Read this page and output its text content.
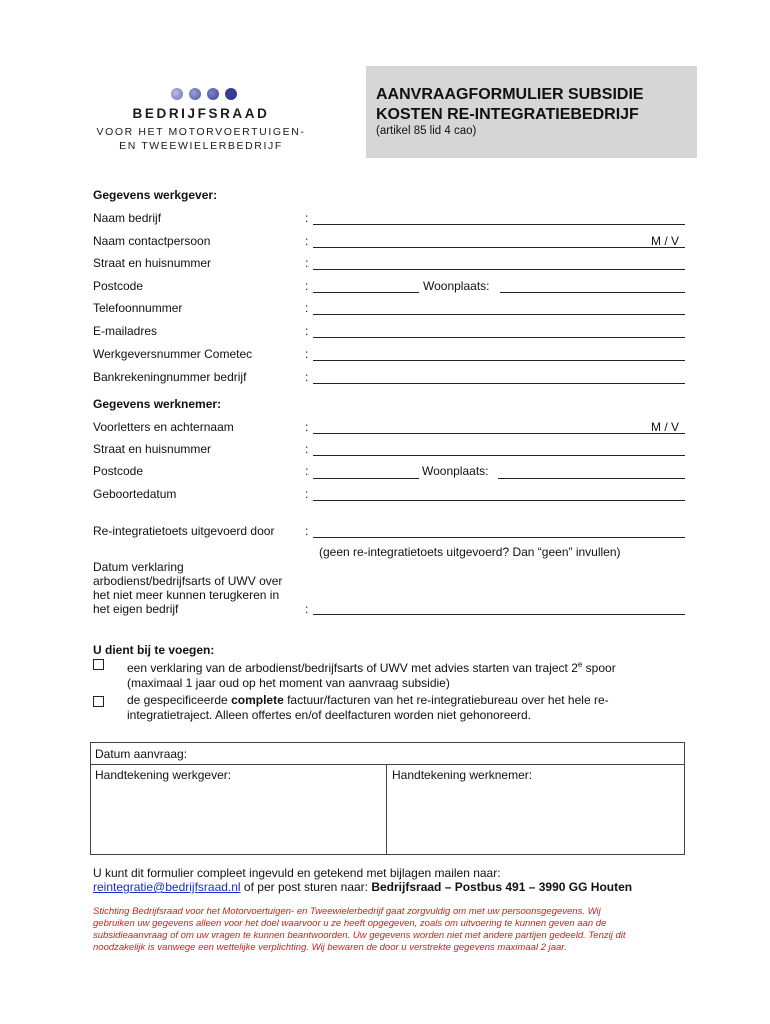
BEDRIJFSRAAD
VOOR HET MOTORVOERTUIGEN-
EN TWEEWIELERBEDRIJF
AANVRAAGFORMULIER SUBSIDIE
KOSTEN RE-INTEGRATIEBEDRIJF
(artikel 85 lid 4 cao)
Gegevens werkgever:
Naam bedrijf	:
Naam contactpersoon	:	M / V
Straat en huisnummer	:
Postcode	:	Woonplaats:
Telefoonnummer	:
E-mailadres	:
Werkgeversnummer Cometec	:
Bankrekeningnummer bedrijf	:
Gegevens werknemer:
Voorletters en achternaam	:	M / V
Straat en huisnummer	:
Postcode	:	Woonplaats:
Geboortedatum	:
Re-integratietoets uitgevoerd door	:
(geen re-integratietoets uitgevoerd? Dan “geen” invullen)
Datum verklaring
arbodienst/bedrijfsarts of UWV over
het niet meer kunnen terugkeren in
het eigen bedrijf	:
U dient bij te voegen:
een verklaring van de arbodienst/bedrijfsarts of UWV met advies starten van traject 2e spoor
(maximaal 1 jaar oud op het moment van aanvraag subsidie)
de gespecificeerde complete factuur/facturen van het re-integratiebureau over het hele re-
integratietraject. Alleen offertes en/of deelfacturen worden niet gehonoreerd.
Datum aanvraag:
Handtekening werkgever:	Handtekening werknemer:
U kunt dit formulier compleet ingevuld en getekend met bijlagen mailen naar:
reintegratie@bedrijfsraad.nl of per post sturen naar: Bedrijfsraad – Postbus 491 – 3990 GG Houten
Stichting Bedrijfsraad voor het Motorvoertuigen- en Tweewielerbedrijf gaat zorgvuldig om met uw persoonsgegevens. Wij
gebruiken uw gegevens alleen voor het doel waarvoor u ze heeft opgegeven, zoals om uitvoering te kunnen geven aan de
subsidieaanvraag of om uw vragen te kunnen beantwoorden. Uw gegevens worden niet met andere partijen gedeeld. Tenzij dit
noodzakelijk is vanwege een wettelijke verplichting. Wij bewaren de door u verstrekte gegevens maximaal 2 jaar.
